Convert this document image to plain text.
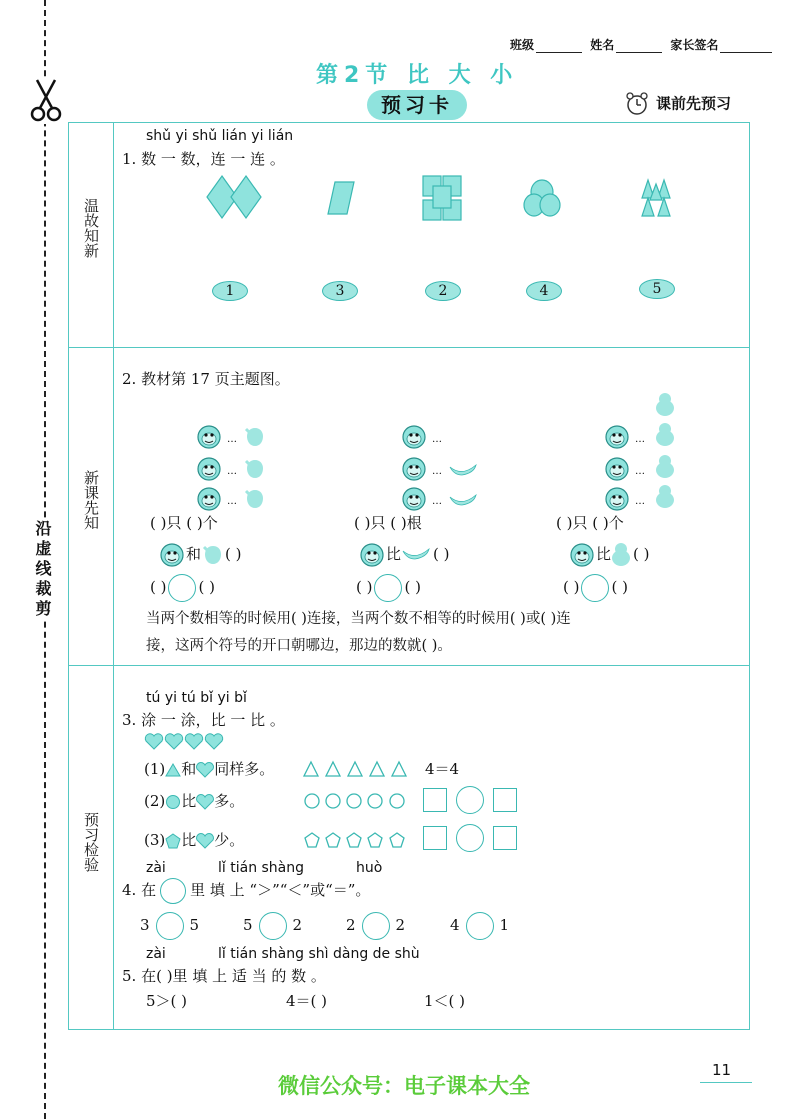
沿虚线裁剪
班级	姓名	家长签名
第2节 比 大 小
预习卡	课前先预习
温故知新
新课先知
预习检验
shǔ yi shǔ lián yi lián
1. 数 一 数，连 一 连 。
1	3	2	4	5
2. 教材第 17 页主题图。
…
…
…
…
…
…
…
…
…
( )只 ( )个	( )只 ( )根	( )只 ( )个
和 ( )	比 ( )	比 ( )
( ) ( )	( ) ( )	( ) ( )
当两个数相等的时候用( )连接，当两个数不相等的时候用( )或( )连
接，这两个符号的开口朝哪边，那边的数就( )。
tú yi tú bǐ yi bǐ
3. 涂 一 涂，比 一 比 。
(1) 和 同样多。	4＝4
(2) 比 多。

(3) 比 少。

zài	lǐ tián shàng	huò
4. 在 里 填 上 “＞”“＜”或“＝”。
3	5	5	2	2	2	4	1
zài	lǐ tián shàng shì dàng de shù
5. 在( )里 填 上 适 当 的 数 。
5＞( )	4＝( )	1＜( )
11
微信公众号：电子课本大全
